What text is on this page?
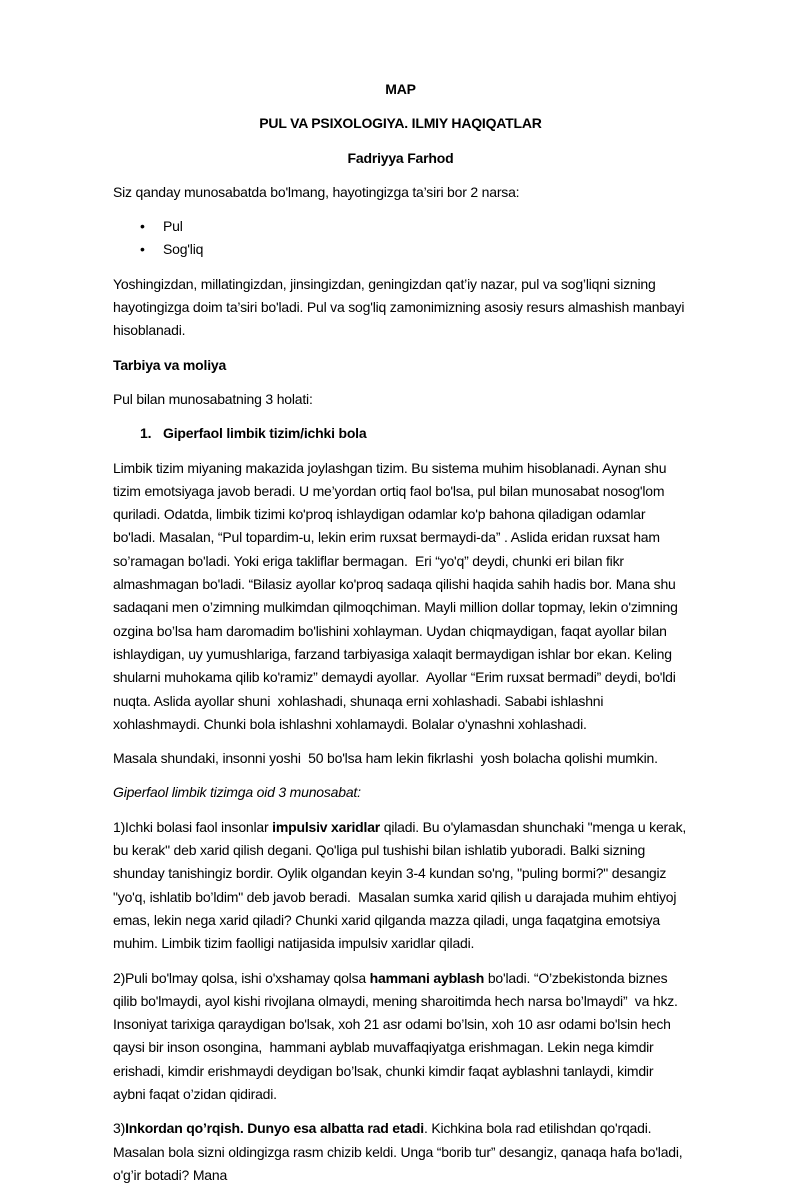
MAP

PUL VA PSIXOLOGIYA. ILMIY HAQIQATLAR

Fadriyya Farhod

Siz qanday munosabatda bo'lmang, hayotingizga ta’siri bor 2 narsa:

•	Pul
•	Sog'liq

Yoshingizdan, millatingizdan, jinsingizdan, geningizdan qat’iy nazar, pul va sog’liqni sizning hayotingizga doim ta’siri bo'ladi. Pul va sog'liq zamonimizning asosiy resurs almashish manbayi hisoblanadi.

Tarbiya va moliya

Pul bilan munosabatning 3 holati:

1. Giperfaol limbik tizim/ichki bola

Limbik tizim miyaning makazida joylashgan tizim. Bu sistema muhim hisoblanadi. Aynan shu tizim emotsiyaga javob beradi. U me’yordan ortiq faol bo'lsa, pul bilan munosabat nosog'lom quriladi. Odatda, limbik tizimi ko'proq ishlaydigan odamlar ko'p bahona qiladigan odamlar bo'ladi. Masalan, “Pul topardim-u, lekin erim ruxsat bermaydi-da” . Aslida eridan ruxsat ham so’ramagan bo'ladi. Yoki eriga takliflar bermagan.  Eri “yo'q” deydi, chunki eri bilan fikr almashmagan bo'ladi. “Bilasiz ayollar ko'proq sadaqa qilishi haqida sahih hadis bor. Mana shu sadaqani men o’zimning mulkimdan qilmoqchiman. Mayli million dollar topmay, lekin o'zimning ozgina bo’lsa ham daromadim bo'lishini xohlayman. Uydan chiqmaydigan, faqat ayollar bilan ishlaydigan, uy yumushlariga, farzand tarbiyasiga xalaqit bermaydigan ishlar bor ekan. Keling shularni muhokama qilib ko'ramiz” demaydi ayollar.  Ayollar “Erim ruxsat bermadi” deydi, bo'ldi nuqta. Aslida ayollar shuni  xohlashadi, shunaqa erni xohlashadi. Sababi ishlashni xohlashmaydi. Chunki bola ishlashni xohlamaydi. Bolalar o'ynashni xohlashadi.

Masala shundaki, insonni yoshi  50 bo'lsa ham lekin fikrlashi  yosh bolacha qolishi mumkin.

Giperfaol limbik tizimga oid 3 munosabat:

1)Ichki bolasi faol insonlar impulsiv xaridlar qiladi. Bu o'ylamasdan shunchaki "menga u kerak, bu kerak" deb xarid qilish degani. Qo'liga pul tushishi bilan ishlatib yuboradi. Balki sizning shunday tanishingiz bordir. Oylik olgandan keyin 3-4 kundan so'ng, "puling bormi?" desangiz "yo'q, ishlatib bo’ldim" deb javob beradi.  Masalan sumka xarid qilish u darajada muhim ehtiyoj emas, lekin nega xarid qiladi? Chunki xarid qilganda mazza qiladi, unga faqatgina emotsiya muhim. Limbik tizim faolligi natijasida impulsiv xaridlar qiladi.

2)Puli bo'lmay qolsa, ishi o'xshamay qolsa hammani ayblash bo'ladi. “O’zbekistonda biznes qilib bo'lmaydi, ayol kishi rivojlana olmaydi, mening sharoitimda hech narsa bo’lmaydi”  va hkz. Insoniyat tarixiga qaraydigan bo'lsak, xoh 21 asr odami bo’lsin, xoh 10 asr odami bo'lsin hech qaysi bir inson osongina,  hammani ayblab muvaffaqiyatga erishmagan. Lekin nega kimdir erishadi, kimdir erishmaydi deydigan bo’lsak, chunki kimdir faqat ayblashni tanlaydi, kimdir aybni faqat o’zidan qidiradi.

3)Inkordan qo’rqish. Dunyo esa albatta rad etadi. Kichkina bola rad etilishdan qo'rqadi. Masalan bola sizni oldingizga rasm chizib keldi. Unga “borib tur” desangiz, qanaqa hafa bo'ladi, o'g’ir botadi? Mana
